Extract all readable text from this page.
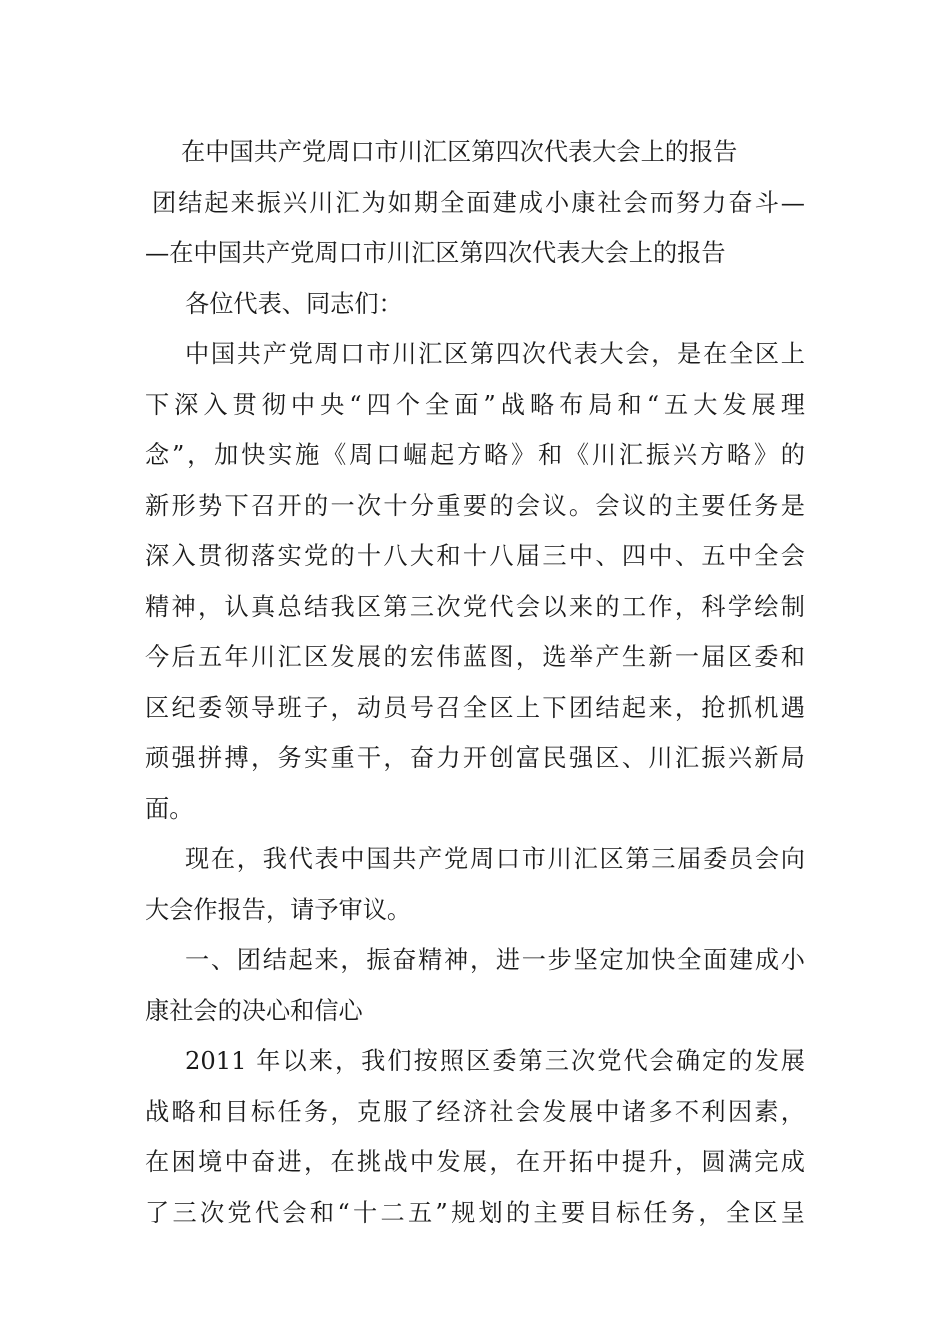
在中国共产党周口市川汇区第四次代表大会上的报告
团结起来振兴川汇为如期全面建成小康社会而努力奋斗—
—在中国共产党周口市川汇区第四次代表大会上的报告
各位代表、同志们：
中国共产党周口市川汇区第四次代表大会，是在全区上
下深入贯彻中央“四个全面”战略布局和“五大发展理
念”，加快实施《周口崛起方略》和《川汇振兴方略》的
新形势下召开的一次十分重要的会议。会议的主要任务是
深入贯彻落实党的十八大和十八届三中、四中、五中全会
精神，认真总结我区第三次党代会以来的工作，科学绘制
今后五年川汇区发展的宏伟蓝图，选举产生新一届区委和
区纪委领导班子，动员号召全区上下团结起来，抢抓机遇
顽强拼搏，务实重干，奋力开创富民强区、川汇振兴新局
面。
现在，我代表中国共产党周口市川汇区第三届委员会向
大会作报告，请予审议。
一、团结起来，振奋精神，进一步坚定加快全面建成小
康社会的决心和信心
2011 年以来，我们按照区委第三次党代会确定的发展
战略和目标任务，克服了经济社会发展中诸多不利因素，
在困境中奋进，在挑战中发展，在开拓中提升，圆满完成
了三次党代会和“十二五”规划的主要目标任务，全区呈
